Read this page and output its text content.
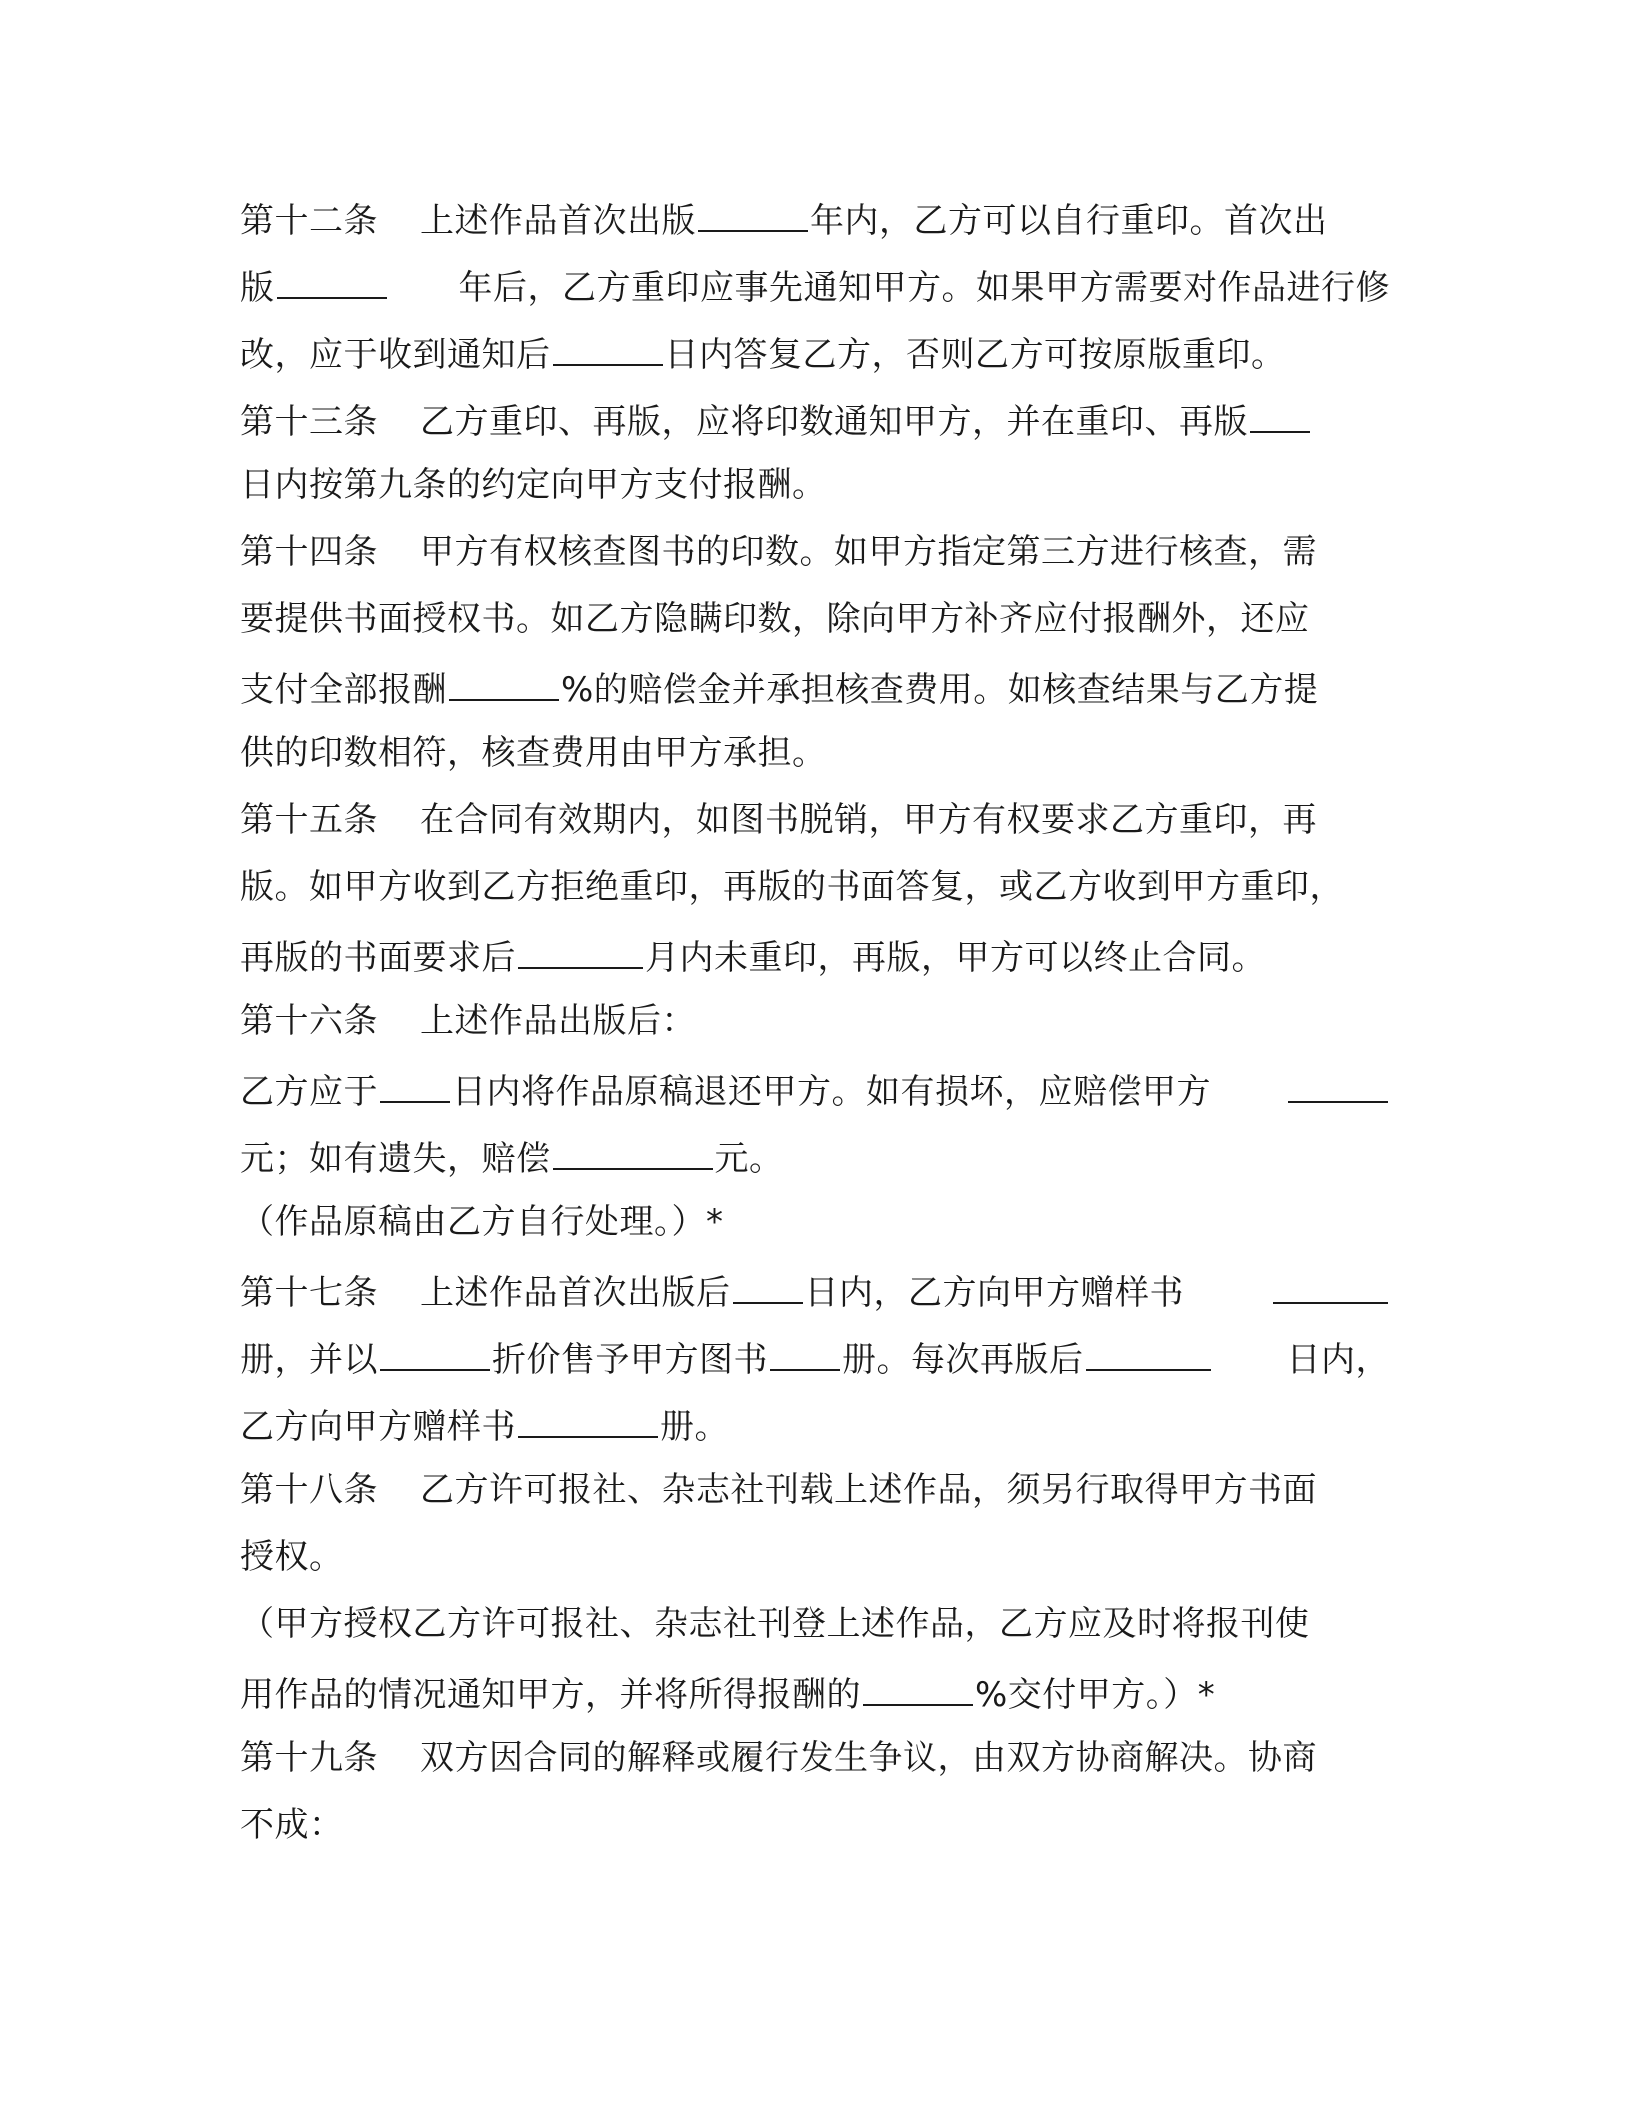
第十二条 上述作品首次出版	年内，乙方可以自行重印。首次出
版	年后，乙方重印应事先通知甲方。如果甲方需要对作品进行修
改，应于收到通知后	日内答复乙方，否则乙方可按原版重印。
第十三条 乙方重印、再版，应将印数通知甲方，并在重印、再版
日内按第九条的约定向甲方支付报酬。
第十四条 甲方有权核查图书的印数。如甲方指定第三方进行核查，需
要提供书面授权书。如乙方隐瞒印数，除向甲方补齐应付报酬外，还应
支付全部报酬	%的赔偿金并承担核查费用。如核查结果与乙方提
供的印数相符，核查费用由甲方承担。
第十五条 在合同有效期内，如图书脱销，甲方有权要求乙方重印，再
版。如甲方收到乙方拒绝重印，再版的书面答复，或乙方收到甲方重印，
再版的书面要求后	月内未重印，再版，甲方可以终止合同。
第十六条 上述作品出版后：
乙方应于 日内将作品原稿退还甲方。如有损坏，应赔偿甲方
元；如有遗失，赔偿	元。
（作品原稿由乙方自行处理。）*
第十七条 上述作品首次出版后 日内，乙方向甲方赠样书
册，并以	折价售予甲方图书 册。每次再版后	日内，
乙方向甲方赠样书	册。
第十八条 乙方许可报社、杂志社刊载上述作品，须另行取得甲方书面
授权。
（甲方授权乙方许可报社、杂志社刊登上述作品，乙方应及时将报刊使
用作品的情况通知甲方，并将所得报酬的	%交付甲方。）*
第十九条 双方因合同的解释或履行发生争议，由双方协商解决。协商
不成：
